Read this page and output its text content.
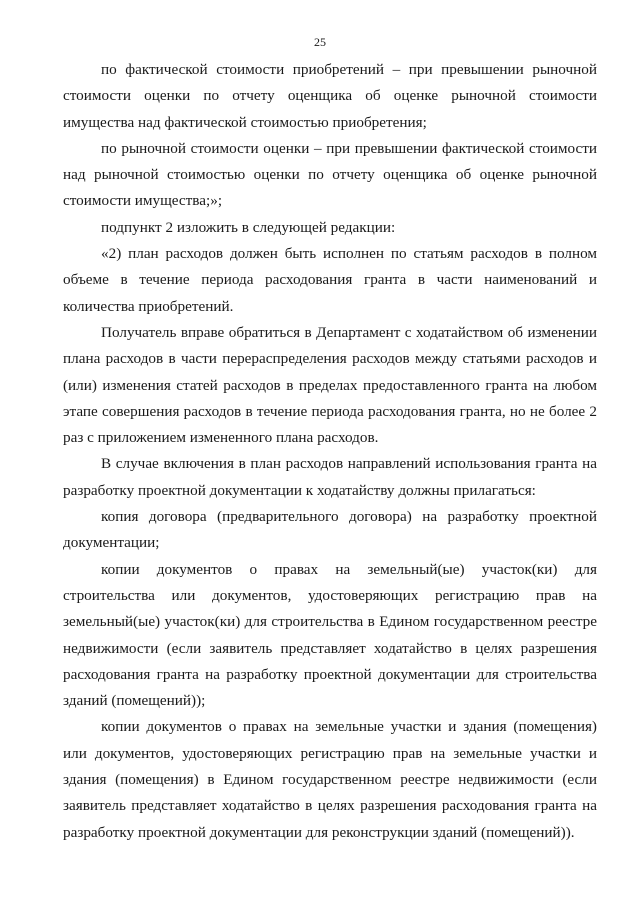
25

по фактической стоимости приобретений – при превышении рыночной стоимости оценки по отчету оценщика об оценке рыночной стоимости имущества над фактической стоимостью приобретения;

по рыночной стоимости оценки – при превышении фактической стоимости над рыночной стоимостью оценки по отчету оценщика об оценке рыночной стоимости имущества;»;

подпункт 2 изложить в следующей редакции:

«2) план расходов должен быть исполнен по статьям расходов в полном объеме в течение периода расходования гранта в части наименований и количества приобретений.

Получатель вправе обратиться в Департамент с ходатайством об изменении плана расходов в части перераспределения расходов между статьями расходов и (или) изменения статей расходов в пределах предоставленного гранта на любом этапе совершения расходов в течение периода расходования гранта, но не более 2 раз с приложением измененного плана расходов.

В случае включения в план расходов направлений использования гранта на разработку проектной документации к ходатайству должны прилагаться:

копия договора (предварительного договора) на разработку проектной документации;

копии документов о правах на земельный(ые) участок(ки) для строительства или документов, удостоверяющих регистрацию прав на земельный(ые) участок(ки) для строительства в Едином государственном реестре недвижимости (если заявитель представляет ходатайство в целях разрешения расходования гранта на разработку проектной документации для строительства зданий (помещений));

копии документов о правах на земельные участки и здания (помещения) или документов, удостоверяющих регистрацию прав на земельные участки и здания (помещения) в Едином государственном реестре недвижимости (если заявитель представляет ходатайство в целях разрешения расходования гранта на разработку проектной документации для реконструкции зданий (помещений)).
